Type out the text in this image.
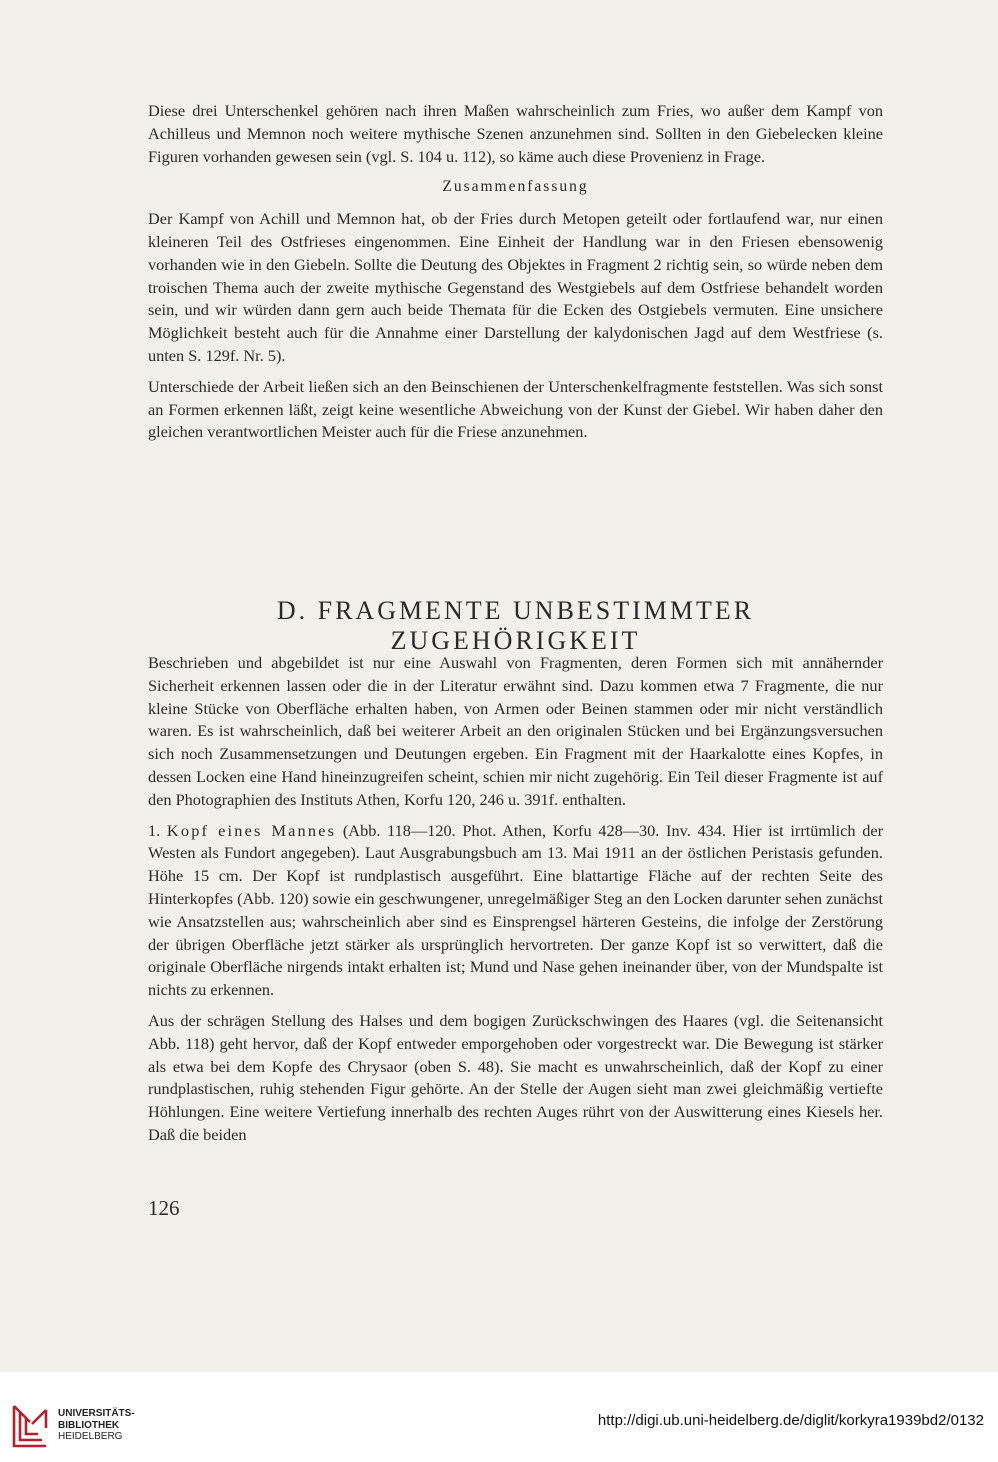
Diese drei Unterschenkel gehören nach ihren Maßen wahrscheinlich zum Fries, wo außer dem Kampf von Achilleus und Memnon noch weitere mythische Szenen anzunehmen sind. Sollten in den Giebelecken kleine Figuren vorhanden gewesen sein (vgl. S. 104 u. 112), so käme auch diese Provenienz in Frage.

Zusammenfassung

Der Kampf von Achill und Memnon hat, ob der Fries durch Metopen geteilt oder fortlaufend war, nur einen kleineren Teil des Ostfrieses eingenommen. Eine Einheit der Handlung war in den Friesen ebensowenig vorhanden wie in den Giebeln. Sollte die Deutung des Objektes in Fragment 2 richtig sein, so würde neben dem troischen Thema auch der zweite mythische Gegenstand des Westgiebels auf dem Ostfriese behandelt worden sein, und wir würden dann gern auch beide Themata für die Ecken des Ostgiebels vermuten. Eine unsichere Möglichkeit besteht auch für die Annahme einer Darstellung der kalydonischen Jagd auf dem Westfriese (s. unten S. 129f. Nr. 5).

Unterschiede der Arbeit ließen sich an den Beinschienen der Unterschenkelfragmente feststellen. Was sich sonst an Formen erkennen läßt, zeigt keine wesentliche Abweichung von der Kunst der Giebel. Wir haben daher den gleichen verantwortlichen Meister auch für die Friese anzunehmen.

D. FRAGMENTE UNBESTIMMTER ZUGEHÖRIGKEIT

Beschrieben und abgebildet ist nur eine Auswahl von Fragmenten, deren Formen sich mit annähernder Sicherheit erkennen lassen oder die in der Literatur erwähnt sind. Dazu kommen etwa 7 Fragmente, die nur kleine Stücke von Oberfläche erhalten haben, von Armen oder Beinen stammen oder mir nicht verständlich waren. Es ist wahrscheinlich, daß bei weiterer Arbeit an den originalen Stücken und bei Ergänzungsversuchen sich noch Zusammensetzungen und Deutungen ergeben. Ein Fragment mit der Haarkalotte eines Kopfes, in dessen Locken eine Hand hineinzugreifen scheint, schien mir nicht zugehörig. Ein Teil dieser Fragmente ist auf den Photographien des Instituts Athen, Korfu 120, 246 u. 391f. enthalten.

1. Kopf eines Mannes (Abb. 118—120. Phot. Athen, Korfu 428—30. Inv. 434. Hier ist irrtümlich der Westen als Fundort angegeben). Laut Ausgrabungsbuch am 13. Mai 1911 an der östlichen Peristasis gefunden. Höhe 15 cm. Der Kopf ist rundplastisch ausgeführt. Eine blattartige Fläche auf der rechten Seite des Hinterkopfes (Abb. 120) sowie ein geschwungener, unregelmäßiger Steg an den Locken darunter sehen zunächst wie Ansatzstellen aus; wahrscheinlich aber sind es Einsprengsel härteren Gesteins, die infolge der Zerstörung der übrigen Oberfläche jetzt stärker als ursprünglich hervortreten. Der ganze Kopf ist so verwittert, daß die originale Oberfläche nirgends intakt erhalten ist; Mund und Nase gehen ineinander über, von der Mundspalte ist nichts zu erkennen.

Aus der schrägen Stellung des Halses und dem bogigen Zurückschwingen des Haares (vgl. die Seitenansicht Abb. 118) geht hervor, daß der Kopf entweder emporgehoben oder vorgestreckt war. Die Bewegung ist stärker als etwa bei dem Kopfe des Chrysaor (oben S. 48). Sie macht es unwahrscheinlich, daß der Kopf zu einer rundplastischen, ruhig stehenden Figur gehörte. An der Stelle der Augen sieht man zwei gleichmäßig vertiefte Höhlungen. Eine weitere Vertiefung innerhalb des rechten Auges rührt von der Auswitterung eines Kiesels her. Daß die beiden

126
UNIVERSITÄTS-
BIBLIOTHEK
HEIDELBERG
http://digi.ub.uni-heidelberg.de/diglit/korkyra1939bd2/0132
